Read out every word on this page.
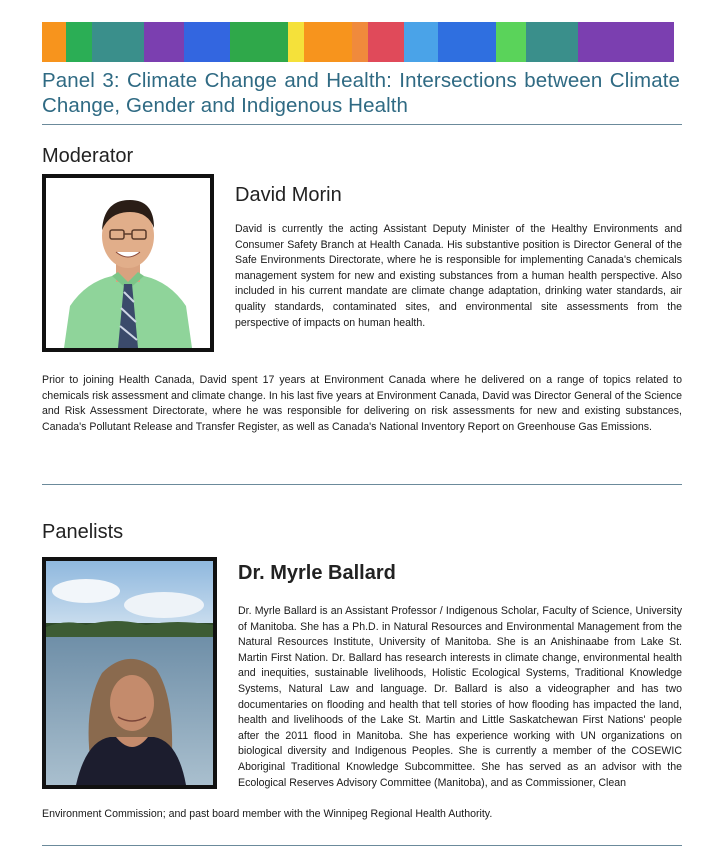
Panel 3: Climate Change and Health: Intersections between Climate Change, Gender and Indigenous Health
Moderator
David Morin
David is currently the acting Assistant Deputy Minister of the Healthy Environments and Consumer Safety Branch at Health Canada. His substantive position is Director General of the Safe Environments Directorate, where he is responsible for implementing Canada's chemicals management system for new and existing substances from a human health perspective. Also included in his current mandate are climate change adaptation, drinking water standards, air quality standards, contaminated sites, and environmental site assessments from the perspective of impacts on human health.
Prior to joining Health Canada, David spent 17 years at Environment Canada where he delivered on a range of topics related to chemicals risk assessment and climate change. In his last five years at Environment Canada, David was Director General of the Science and Risk Assessment Directorate, where he was responsible for delivering on risk assessments for new and existing substances, Canada's Pollutant Release and Transfer Register, as well as Canada's National Inventory Report on Greenhouse Gas Emissions.
Panelists
Dr. Myrle Ballard
Dr. Myrle Ballard is an Assistant Professor / Indigenous Scholar, Faculty of Science, University of Manitoba. She has a Ph.D. in Natural Resources and Environmental Management from the Natural Resources Institute, University of Manitoba. She is an Anishinaabe from Lake St. Martin First Nation. Dr. Ballard has research interests in climate change, environmental health and inequities, sustainable livelihoods, Holistic Ecological Systems, Traditional Knowledge Systems, Natural Law and language. Dr. Ballard is also a videographer and has two documentaries on flooding and health that tell stories of how flooding has impacted the land, health and livelihoods of the Lake St. Martin and Little Saskatchewan First Nations' people after the 2011 flood in Manitoba. She has experience working with UN organizations on biological diversity and Indigenous Peoples. She is currently a member of the COSEWIC Aboriginal Traditional Knowledge Subcommittee. She has served as an advisor with the Ecological Reserves Advisory Committee (Manitoba), and as Commissioner, Clean
Environment Commission; and past board member with the Winnipeg Regional Health Authority.
